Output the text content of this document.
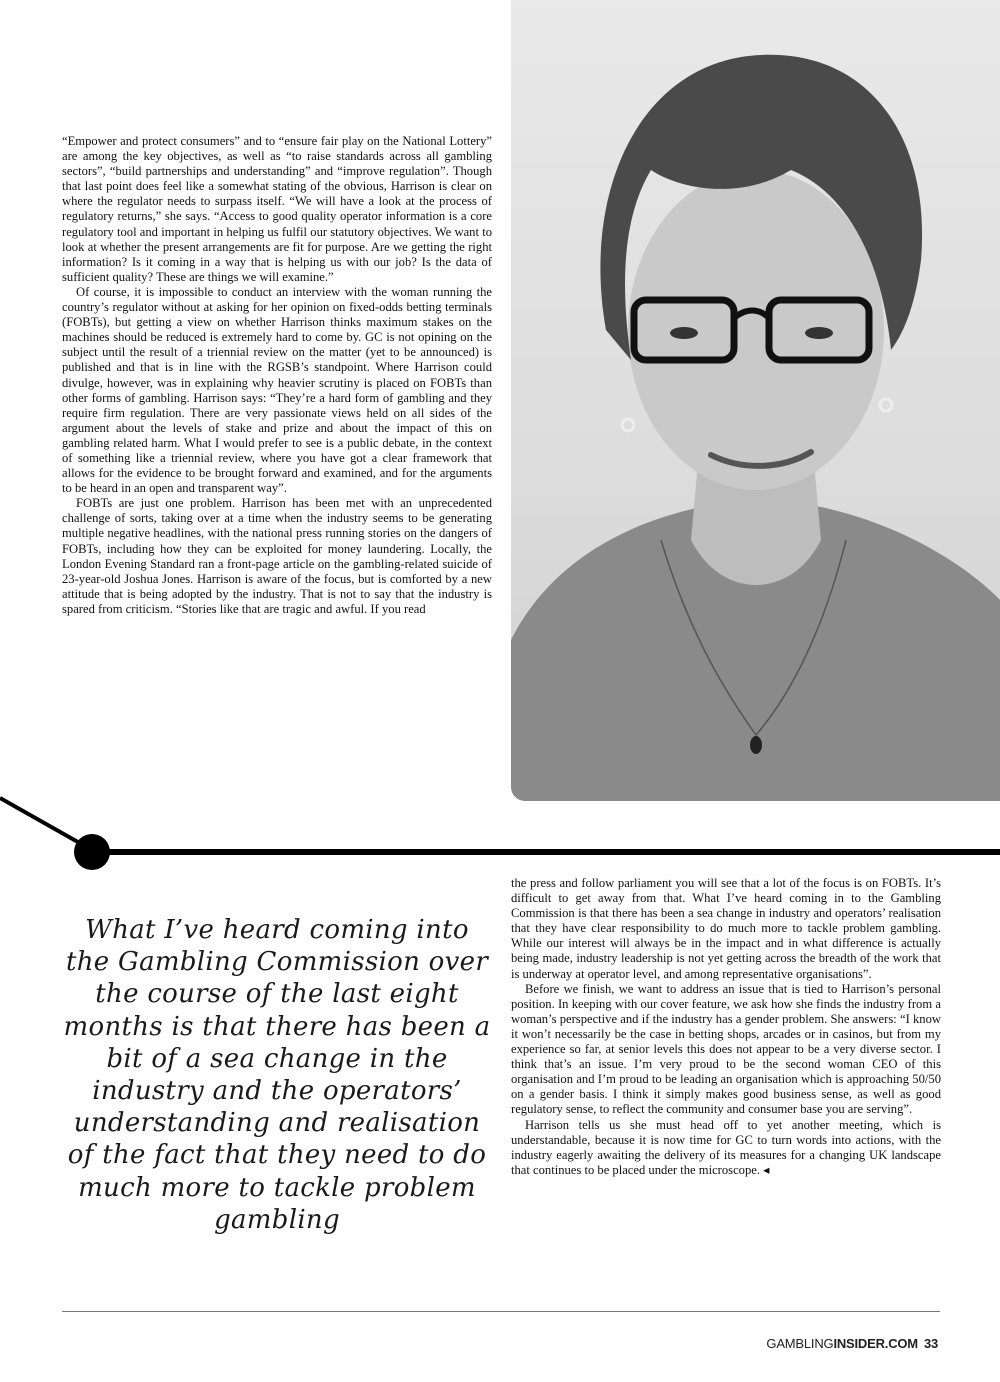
“Empower and protect consumers” and to “ensure fair play on the National Lottery” are among the key objectives, as well as “to raise standards across all gambling sectors”, “build partnerships and understanding” and “improve regulation”. Though that last point does feel like a somewhat stating of the obvious, Harrison is clear on where the regulator needs to surpass itself. “We will have a look at the process of regulatory returns,” she says. “Access to good quality operator information is a core regulatory tool and important in helping us fulfil our statutory objectives. We want to look at whether the present arrangements are fit for purpose. Are we getting the right information? Is it coming in a way that is helping us with our job? Is the data of sufficient quality? These are things we will examine.”

Of course, it is impossible to conduct an interview with the woman running the country’s regulator without at asking for her opinion on fixed-odds betting terminals (FOBTs), but getting a view on whether Harrison thinks maximum stakes on the machines should be reduced is extremely hard to come by. GC is not opining on the subject until the result of a triennial review on the matter (yet to be announced) is published and that is in line with the RGSB’s standpoint. Where Harrison could divulge, however, was in explaining why heavier scrutiny is placed on FOBTs than other forms of gambling. Harrison says: “They’re a hard form of gambling and they require firm regulation. There are very passionate views held on all sides of the argument about the levels of stake and prize and about the impact of this on gambling related harm. What I would prefer to see is a public debate, in the context of something like a triennial review, where you have got a clear framework that allows for the evidence to be brought forward and examined, and for the arguments to be heard in an open and transparent way”.

FOBTs are just one problem. Harrison has been met with an unprecedented challenge of sorts, taking over at a time when the industry seems to be generating multiple negative headlines, with the national press running stories on the dangers of FOBTs, including how they can be exploited for money laundering. Locally, the London Evening Standard ran a front-page article on the gambling-related suicide of 23-year-old Joshua Jones. Harrison is aware of the focus, but is comforted by a new attitude that is being adopted by the industry. That is not to say that the industry is spared from criticism. “Stories like that are tragic and awful. If you read

What I’ve heard coming into the Gambling Commission over the course of the last eight months is that there has been a bit of a sea change in the industry and the operators’ understanding and realisation of the fact that they need to do much more to tackle problem gambling

the press and follow parliament you will see that a lot of the focus is on FOBTs. It’s difficult to get away from that. What I’ve heard coming in to the Gambling Commission is that there has been a sea change in industry and operators’ realisation that they have clear responsibility to do much more to tackle problem gambling. While our interest will always be in the impact and in what difference is actually being made, industry leadership is not yet getting across the breadth of the work that is underway at operator level, and among representative organisations”.

Before we finish, we want to address an issue that is tied to Harrison’s personal position. In keeping with our cover feature, we ask how she finds the industry from a woman’s perspective and if the industry has a gender problem. She answers: “I know it won’t necessarily be the case in betting shops, arcades or in casinos, but from my experience so far, at senior levels this does not appear to be a very diverse sector. I think that’s an issue. I’m very proud to be the second woman CEO of this organisation and I’m proud to be leading an organisation which is approaching 50/50 on a gender basis. I think it simply makes good business sense, as well as good regulatory sense, to reflect the community and consumer base you are serving”.

Harrison tells us she must head off to yet another meeting, which is understandable, because it is now time for GC to turn words into actions, with the industry eagerly awaiting the delivery of its measures for a changing UK landscape that continues to be placed under the microscope. ◂

GAMBLINGINSIDER.COM 33
